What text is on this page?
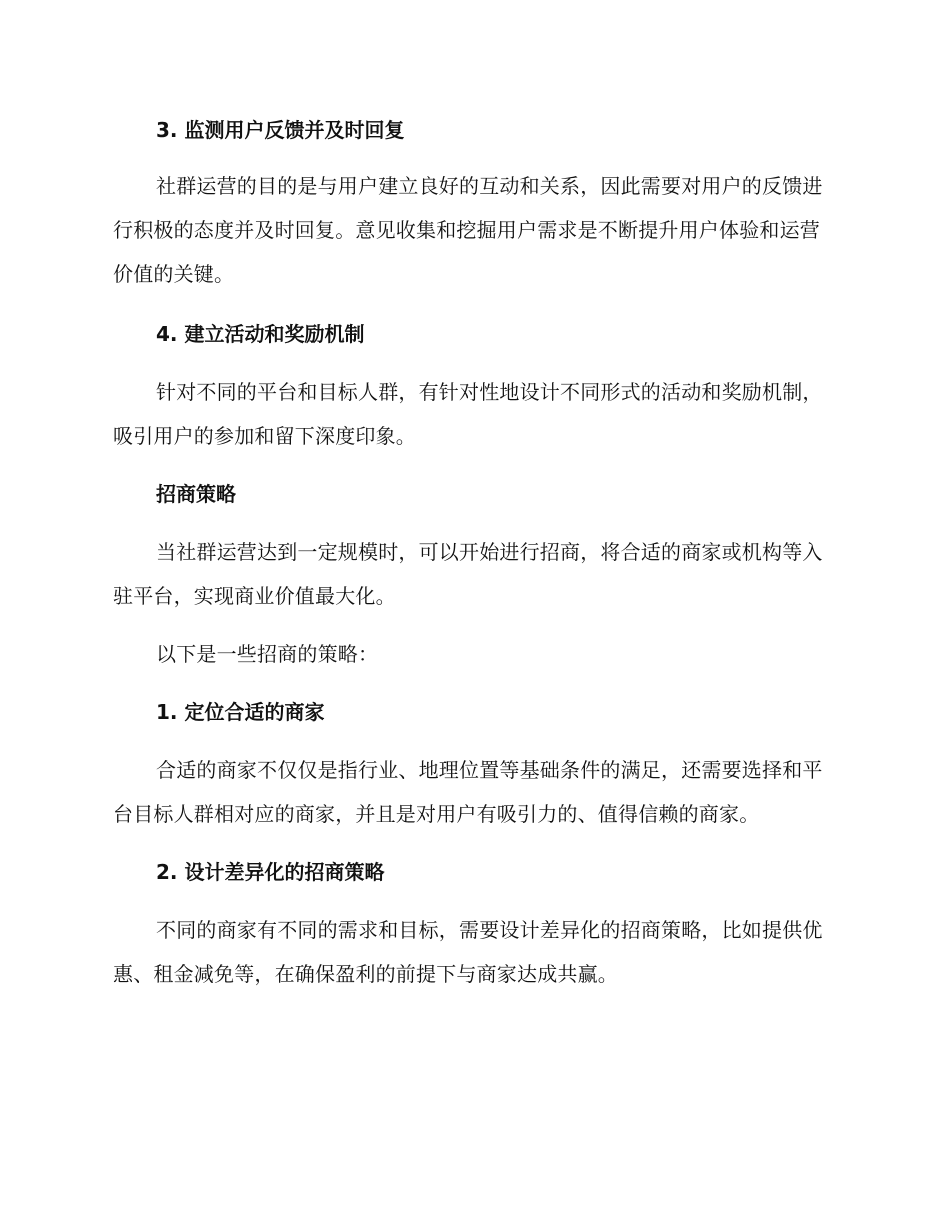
3. 监测用户反馈并及时回复

社群运营的目的是与用户建立良好的互动和关系，因此需要对用户的反馈进行积极的态度并及时回复。意见收集和挖掘用户需求是不断提升用户体验和运营价值的关键。

4. 建立活动和奖励机制

针对不同的平台和目标人群，有针对性地设计不同形式的活动和奖励机制，吸引用户的参加和留下深度印象。

招商策略

当社群运营达到一定规模时，可以开始进行招商，将合适的商家或机构等入驻平台，实现商业价值最大化。

以下是一些招商的策略：

1. 定位合适的商家

合适的商家不仅仅是指行业、地理位置等基础条件的满足，还需要选择和平台目标人群相对应的商家，并且是对用户有吸引力的、值得信赖的商家。

2. 设计差异化的招商策略

不同的商家有不同的需求和目标，需要设计差异化的招商策略，比如提供优惠、租金减免等，在确保盈利的前提下与商家达成共赢。
